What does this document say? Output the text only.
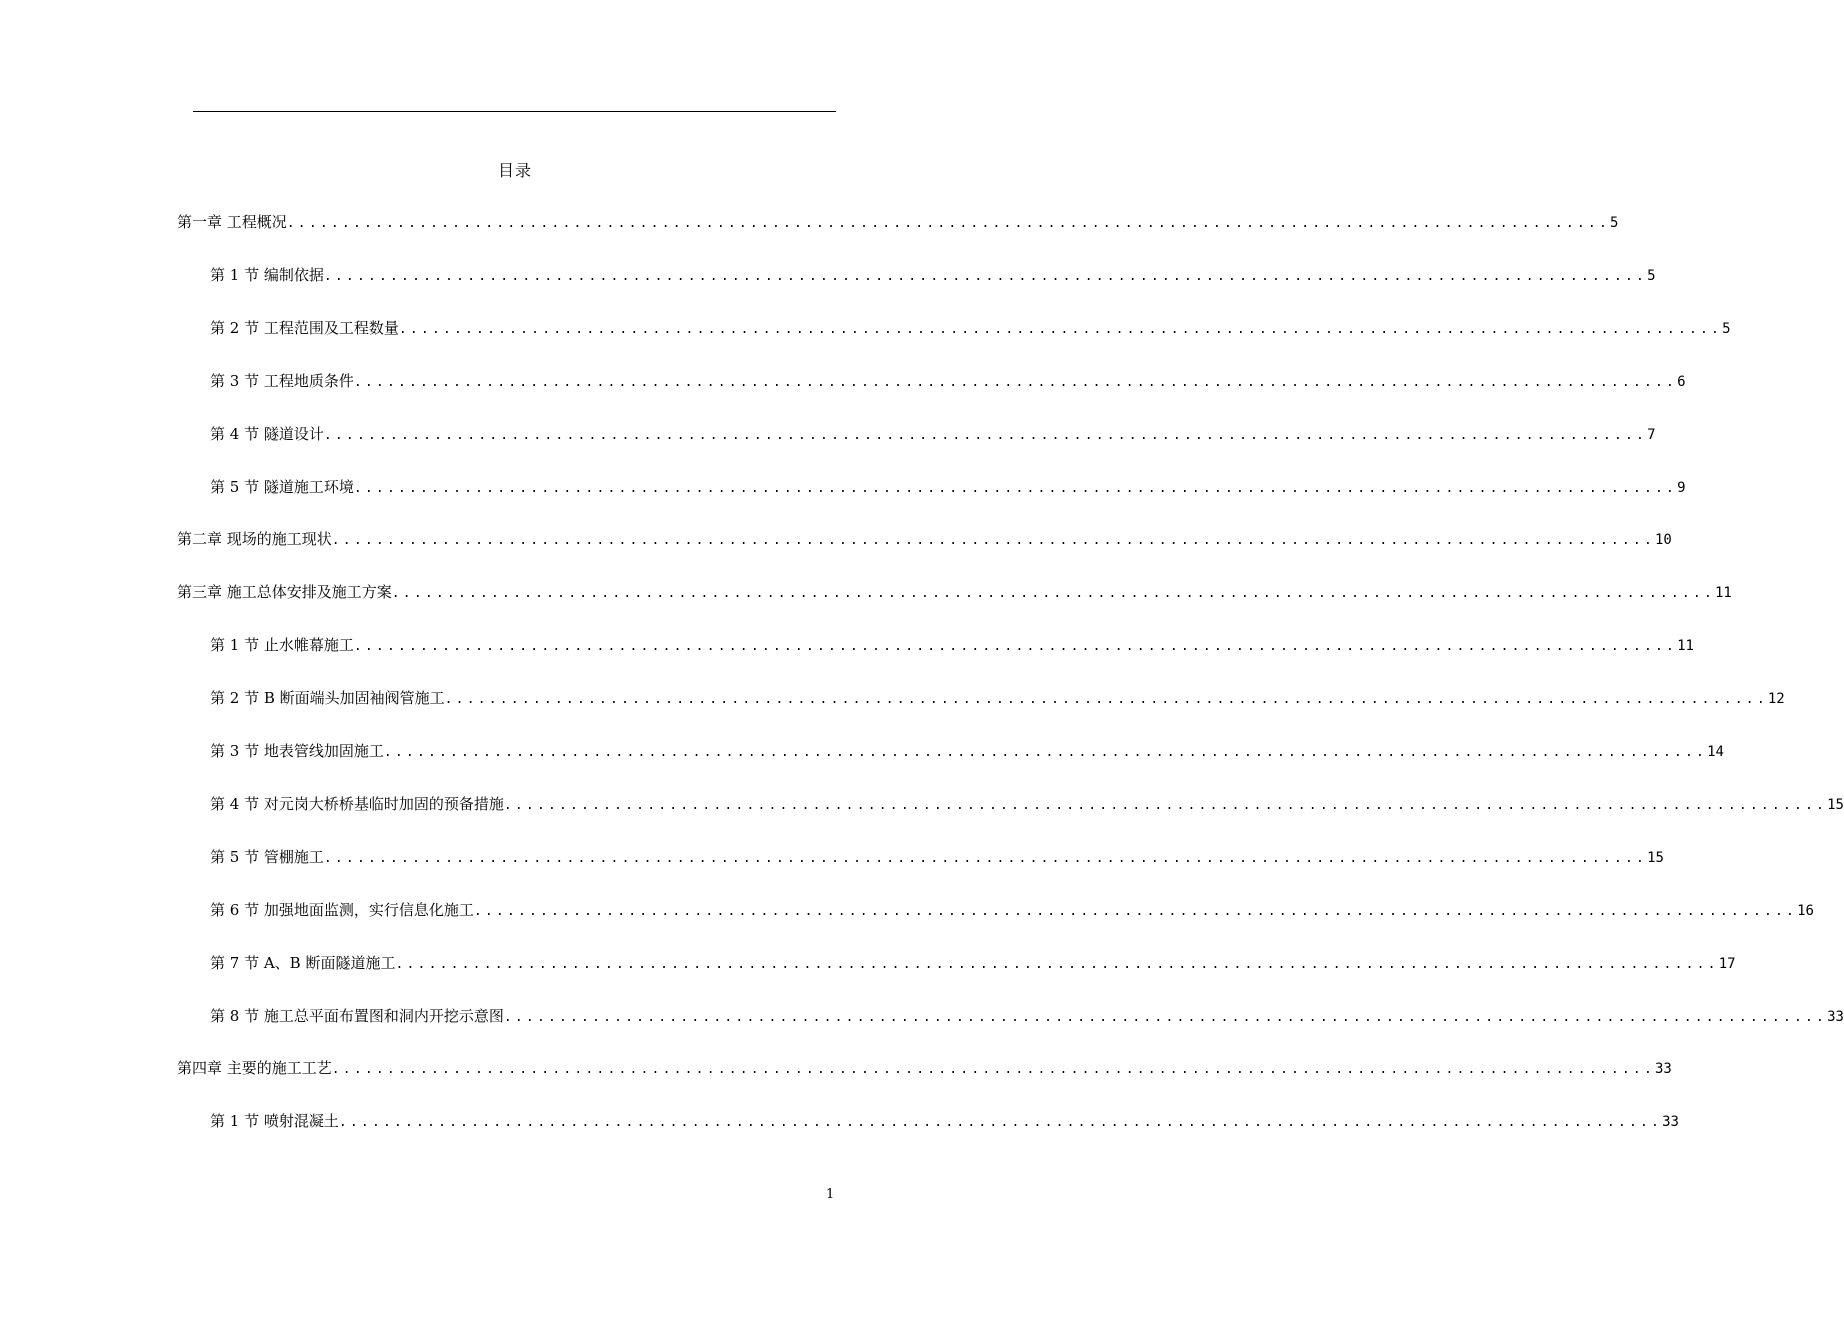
目录
第一章 工程概况 ........................................................................................................................ 5
第 1 节 编制依据 ........................................................................................................................ 5
第 2 节 工程范围及工程数量 ........................................................................................................................ 5
第 3 节 工程地质条件 ........................................................................................................................ 6
第 4 节 隧道设计 ........................................................................................................................ 7
第 5 节 隧道施工环境 ........................................................................................................................ 9
第二章 现场的施工现状 ........................................................................................................................ 10
第三章 施工总体安排及施工方案 ........................................................................................................................ 11
第 1 节 止水帷幕施工 ........................................................................................................................ 11
第 2 节 B 断面端头加固袖阀管施工 ........................................................................................................................ 12
第 3 节 地表管线加固施工 ........................................................................................................................ 14
第 4 节 对元岗大桥桥基临时加固的预备措施 ........................................................................................................................ 15
第 5 节 管棚施工 ........................................................................................................................ 15
第 6 节 加强地面监测，实行信息化施工 ........................................................................................................................ 16
第 7 节 A、B 断面隧道施工 ........................................................................................................................ 17
第 8 节 施工总平面布置图和洞内开挖示意图 ........................................................................................................................ 33
第四章 主要的施工工艺 ........................................................................................................................ 33
第 1 节 喷射混凝土 ........................................................................................................................ 33
1
